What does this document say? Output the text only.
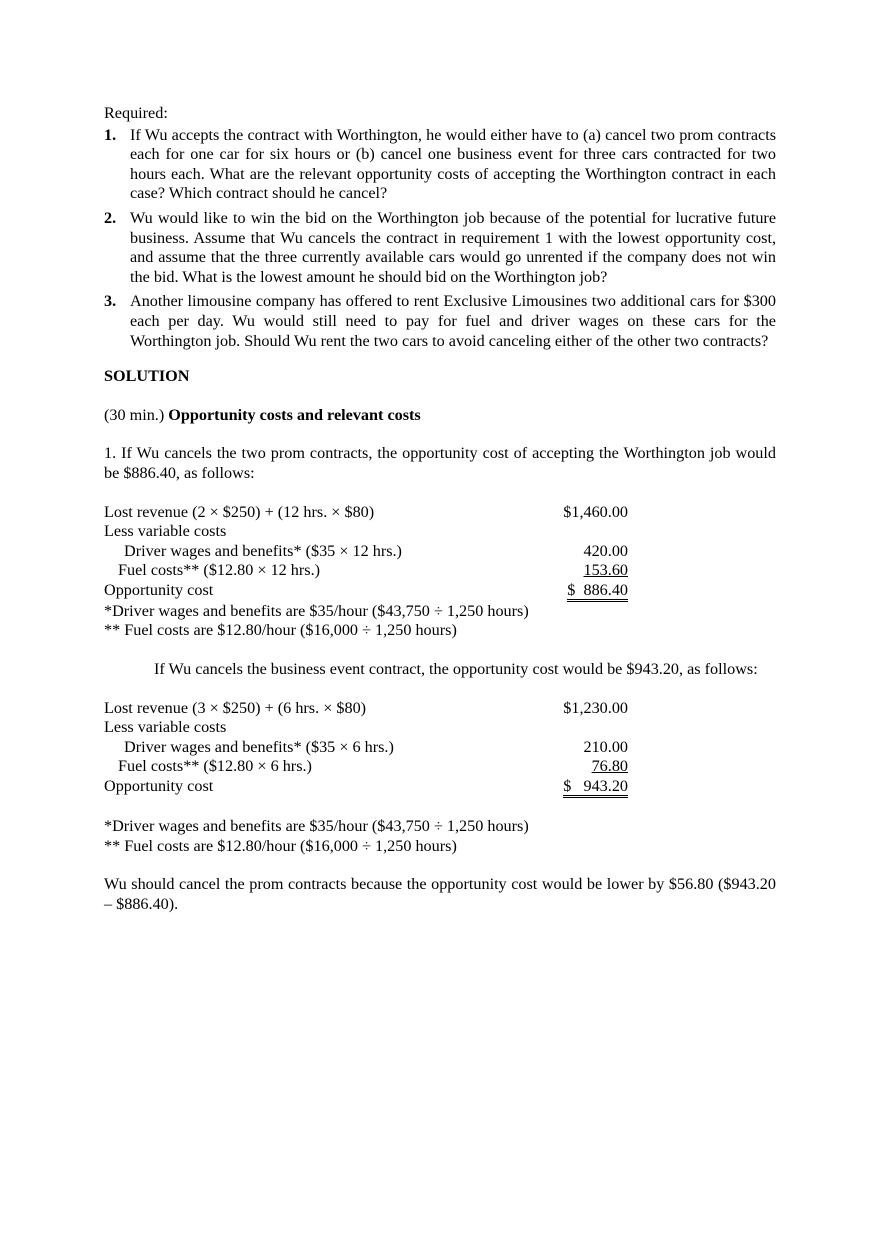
Required:

1. If Wu accepts the contract with Worthington, he would either have to (a) cancel two prom contracts each for one car for six hours or (b) cancel one business event for three cars contracted for two hours each. What are the relevant opportunity costs of accepting the Worthington contract in each case? Which contract should he cancel?
2. Wu would like to win the bid on the Worthington job because of the potential for lucrative future business. Assume that Wu cancels the contract in requirement 1 with the lowest opportunity cost, and assume that the three currently available cars would go unrented if the company does not win the bid. What is the lowest amount he should bid on the Worthington job?
3. Another limousine company has offered to rent Exclusive Limousines two additional cars for $300 each per day. Wu would still need to pay for fuel and driver wages on these cars for the Worthington job. Should Wu rent the two cars to avoid canceling either of the other two contracts?

SOLUTION

(30 min.) Opportunity costs and relevant costs

1. If Wu cancels the two prom contracts, the opportunity cost of accepting the Worthington job would be $886.40, as follows:

Lost revenue (2 × $250) + (12 hrs. × $80)	$1,460.00
Less variable costs	
Driver wages and benefits* ($35 × 12 hrs.)	420.00
Fuel costs** ($12.80 × 12 hrs.)	153.60
Opportunity cost	$  886.40

*Driver wages and benefits are $35/hour ($43,750 ÷ 1,250 hours)

** Fuel costs are $12.80/hour ($16,000 ÷ 1,250 hours)

If Wu cancels the business event contract, the opportunity cost would be $943.20, as follows:

Lost revenue (3 × $250) + (6 hrs. × $80)	$1,230.00
Less variable costs	
Driver wages and benefits* ($35 × 6 hrs.)	210.00
Fuel costs** ($12.80 × 6 hrs.)	76.80
Opportunity cost	$   943.20

*Driver wages and benefits are $35/hour ($43,750 ÷ 1,250 hours)

** Fuel costs are $12.80/hour ($16,000 ÷ 1,250 hours)

Wu should cancel the prom contracts because the opportunity cost would be lower by $56.80 ($943.20 – $886.40).
